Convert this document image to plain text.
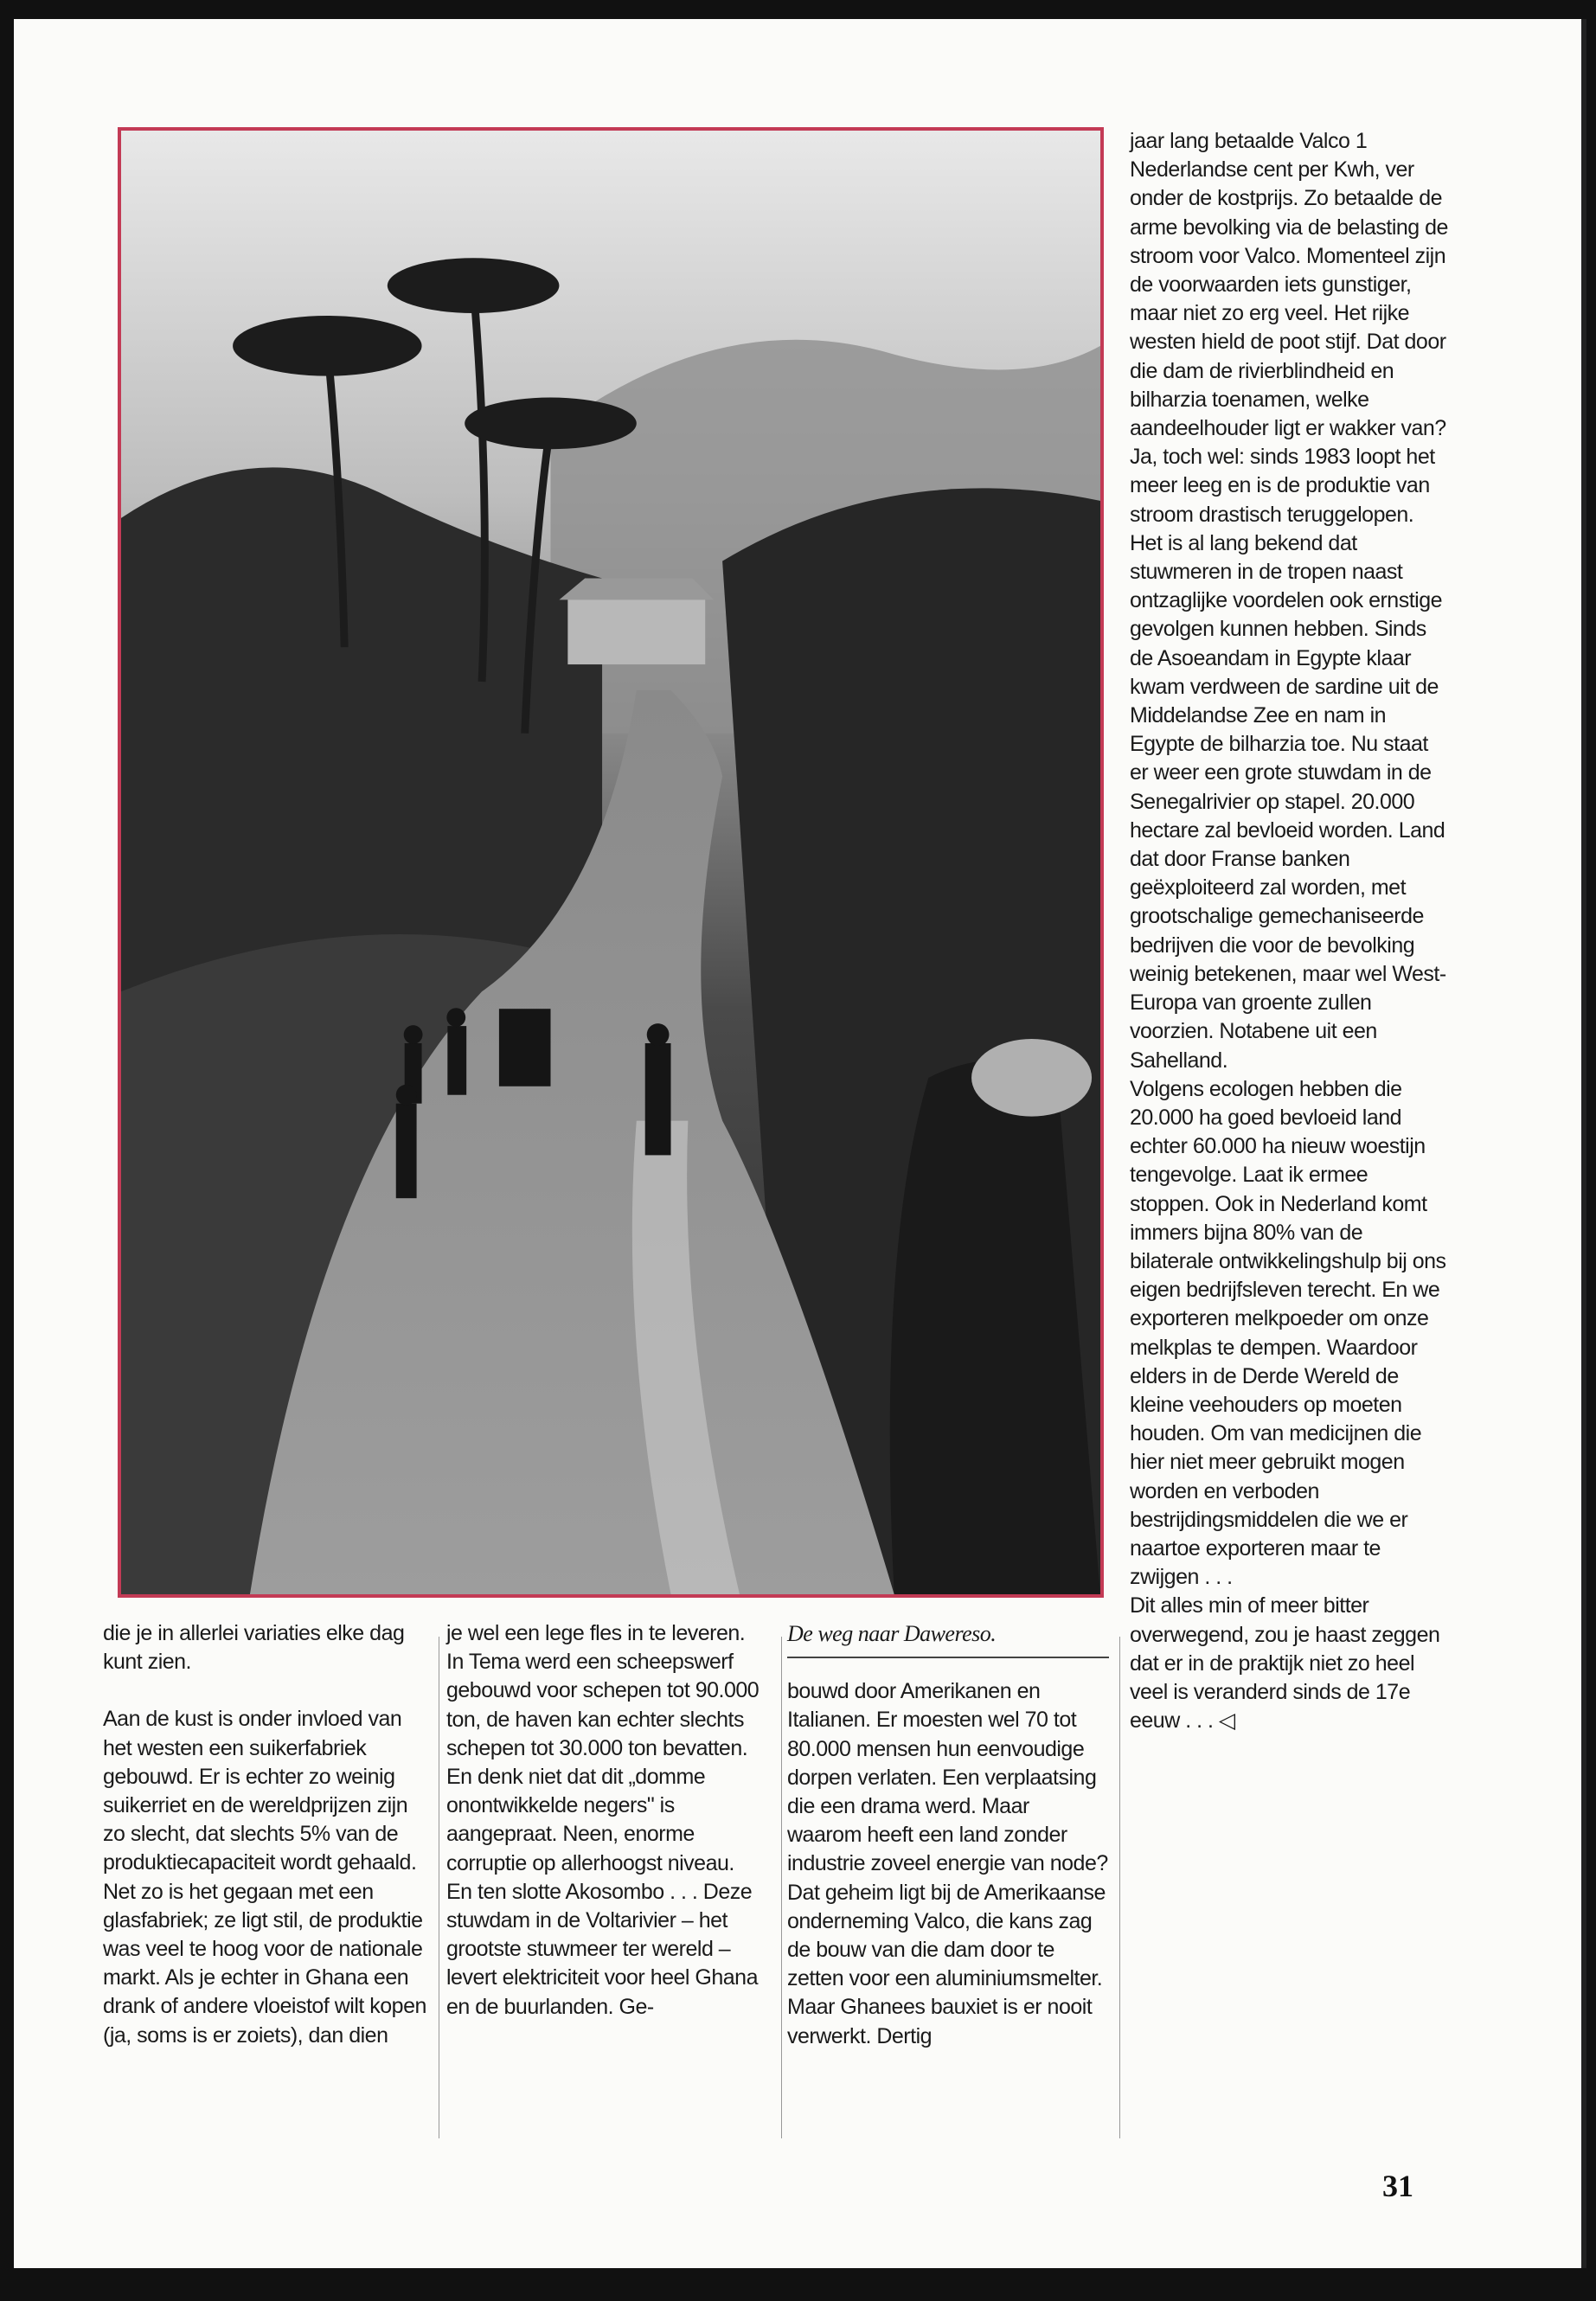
die je in allerlei variaties elke dag kunt zien.

Aan de kust is onder invloed van het westen een suikerfabriek gebouwd. Er is echter zo weinig suikerriet en de wereldprijzen zijn zo slecht, dat slechts 5% van de produktiecapaciteit wordt gehaald. Net zo is het gegaan met een glasfabriek; ze ligt stil, de produktie was veel te hoog voor de nationale markt. Als je echter in Ghana een drank of andere vloeistof wilt kopen (ja, soms is er zoiets), dan dien

je wel een lege fles in te leveren.

In Tema werd een scheepswerf gebouwd voor schepen tot 90.000 ton, de haven kan echter slechts schepen tot 30.000 ton bevatten. En denk niet dat dit „domme onontwikkelde negers" is aangepraat. Neen, enorme corruptie op allerhoogst niveau.

En ten slotte Akosombo . . . Deze stuwdam in de Voltarivier – het grootste stuwmeer ter wereld – levert elektriciteit voor heel Ghana en de buurlanden. Ge-

De weg naar Dawereso.

bouwd door Amerikanen en Italianen. Er moesten wel 70 tot 80.000 mensen hun eenvoudige dorpen verlaten. Een verplaatsing die een drama werd. Maar waarom heeft een land zonder industrie zoveel energie van node?

Dat geheim ligt bij de Amerikaanse onderneming Valco, die kans zag de bouw van die dam door te zetten voor een aluminiumsmelter. Maar Ghanees bauxiet is er nooit verwerkt. Dertig

jaar lang betaalde Valco 1 Nederlandse cent per Kwh, ver onder de kostprijs. Zo betaalde de arme bevolking via de belasting de stroom voor Valco. Momenteel zijn de voorwaarden iets gunstiger, maar niet zo erg veel. Het rijke westen hield de poot stijf. Dat door die dam de rivierblindheid en bilharzia toenamen, welke aandeelhouder ligt er wakker van? Ja, toch wel: sinds 1983 loopt het meer leeg en is de produktie van stroom drastisch teruggelopen.

Het is al lang bekend dat stuwmeren in de tropen naast ontzaglijke voordelen ook ernstige gevolgen kunnen hebben. Sinds de Asoeandam in Egypte klaar kwam verdween de sardine uit de Middelandse Zee en nam in Egypte de bilharzia toe. Nu staat er weer een grote stuwdam in de Senegalrivier op stapel. 20.000 hectare zal bevloeid worden. Land dat door Franse banken geëxploiteerd zal worden, met grootschalige gemechaniseerde bedrijven die voor de bevolking weinig betekenen, maar wel West-Europa van groente zullen voorzien. Notabene uit een Sahelland.

Volgens ecologen hebben die 20.000 ha goed bevloeid land echter 60.000 ha nieuw woestijn tengevolge. Laat ik ermee stoppen. Ook in Nederland komt immers bijna 80% van de bilaterale ontwikkelingshulp bij ons eigen bedrijfsleven terecht. En we exporteren melkpoeder om onze melkplas te dempen. Waardoor elders in de Derde Wereld de kleine veehouders op moeten houden. Om van medicijnen die hier niet meer gebruikt mogen worden en verboden bestrijdingsmiddelen die we er naartoe exporteren maar te zwijgen . . .

Dit alles min of meer bitter overwegend, zou je haast zeggen dat er in de praktijk niet zo heel veel is veranderd sinds de 17e eeuw . . . ◁

31
